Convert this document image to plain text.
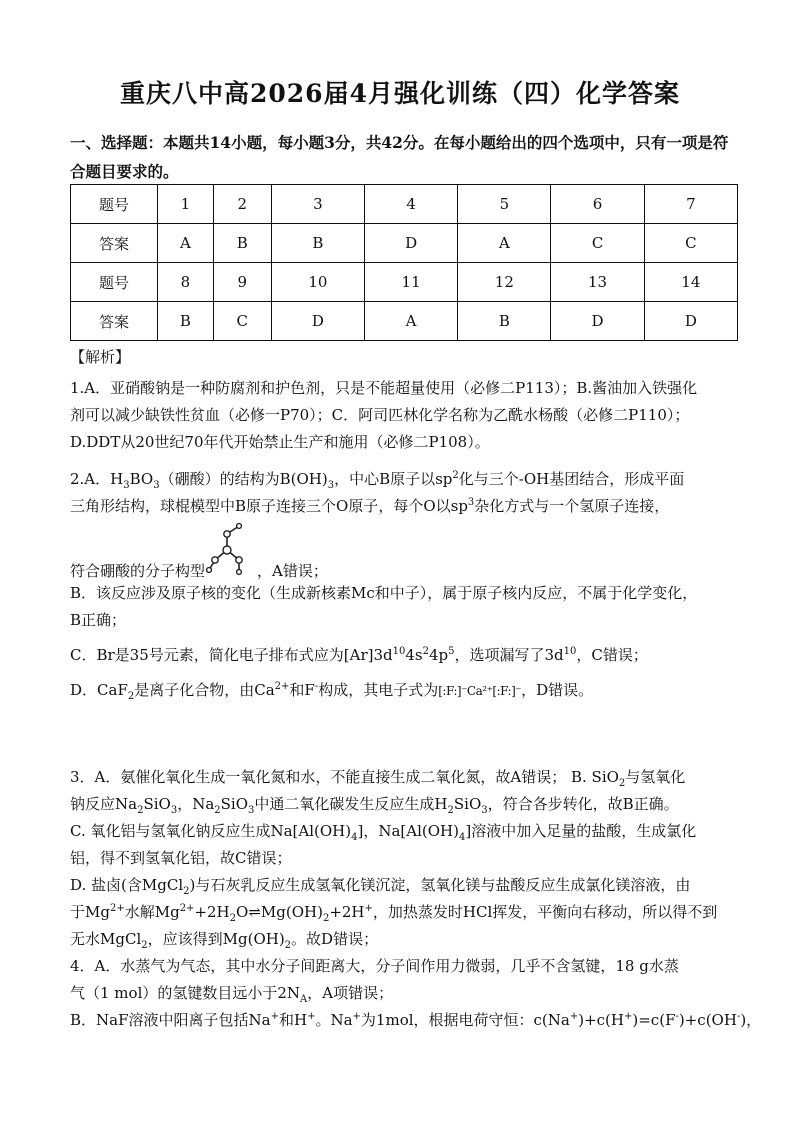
重庆八中高2026届4月强化训练（四）化学答案
一、选择题：本题共14小题，每小题3分，共42分。在每小题给出的四个选项中，只有一项是符合题目要求的。
题号	1	2	3	4	5	6	7
答案	A	B	B	D	A	C	C
题号	8	9	10	11	12	13	14
答案	B	C	D	A	B	D	D
【解析】
1.A．亚硝酸钠是一种防腐剂和护色剂，只是不能超量使用（必修二P113）；B.酱油加入铁强化
剂可以减少缺铁性贫血（必修一P70）；C．阿司匹林化学名称为乙酰水杨酸（必修二P110）；
D.DDT从20世纪70年代开始禁止生产和施用（必修二P108）。
2.A．$H_3BO_3$（硼酸）的结构为$B(OH)_3$，中心B原子以$sp^2$化与三个-OH基团结合，形成平面
三角形结构，球棍模型中B原子连接三个O原子，每个O以$sp^3$杂化方式与一个氢原子连接，
符合硼酸的分子构型	，A错误；
B．该反应涉及原子核的变化（生成新核素Mc和中子），属于原子核内反应，不属于化学变化，
B正确；
C．Br是35号元素，简化电子排布式应为$[Ar]3d^{10}4s^24p^5$，选项漏写了$3d^{10}$，C错误；
D．CaF$_2$是离子化合物，由$Ca^{2+}$和F-构成，其电子式为[:F:]⁻Ca²⁺[:F:]⁻，D错误。
3．A．氨催化氧化生成一氧化氮和水，不能直接生成二氧化氮，故A错误； B. SiO$_2$与氢氧化
钠反应$Na_2SiO_3$，$Na_2SiO_3$中通二氧化碳发生反应生成$H_2SiO_3$，符合各步转化，故B正确。
C. 氧化铝与氢氧化钠反应生成$Na[Al(OH)_4]$，$Na[Al(OH)_4]$溶液中加入足量的盐酸，生成氯化
铝，得不到氢氧化铝，故C错误；
D. 盐卤(含MgCl$_2$)与石灰乳反应生成氢氧化镁沉淀，氢氧化镁与盐酸反应生成氯化镁溶液，由
于$Mg^{2+}$水解$Mg^{2+}+2H_2O\rightleftharpoons Mg(OH)_2+2H^+$，加热蒸发时HCl挥发，平衡向右移动，所以得不到
无水MgCl$_2$，应该得到$Mg(OH)_2$。故D错误；
4．A．水蒸气为气态，其中水分子间距离大，分子间作用力微弱，几乎不含氢键，18 g水蒸
气（1 mol）的氢键数目远小于$2N_A$，A项错误；
B．NaF溶液中阳离子包括Na+和H+。Na+为1mol，根据电荷守恒：c(Na+)+c(H+)=c(F-)+c(OH-)，
